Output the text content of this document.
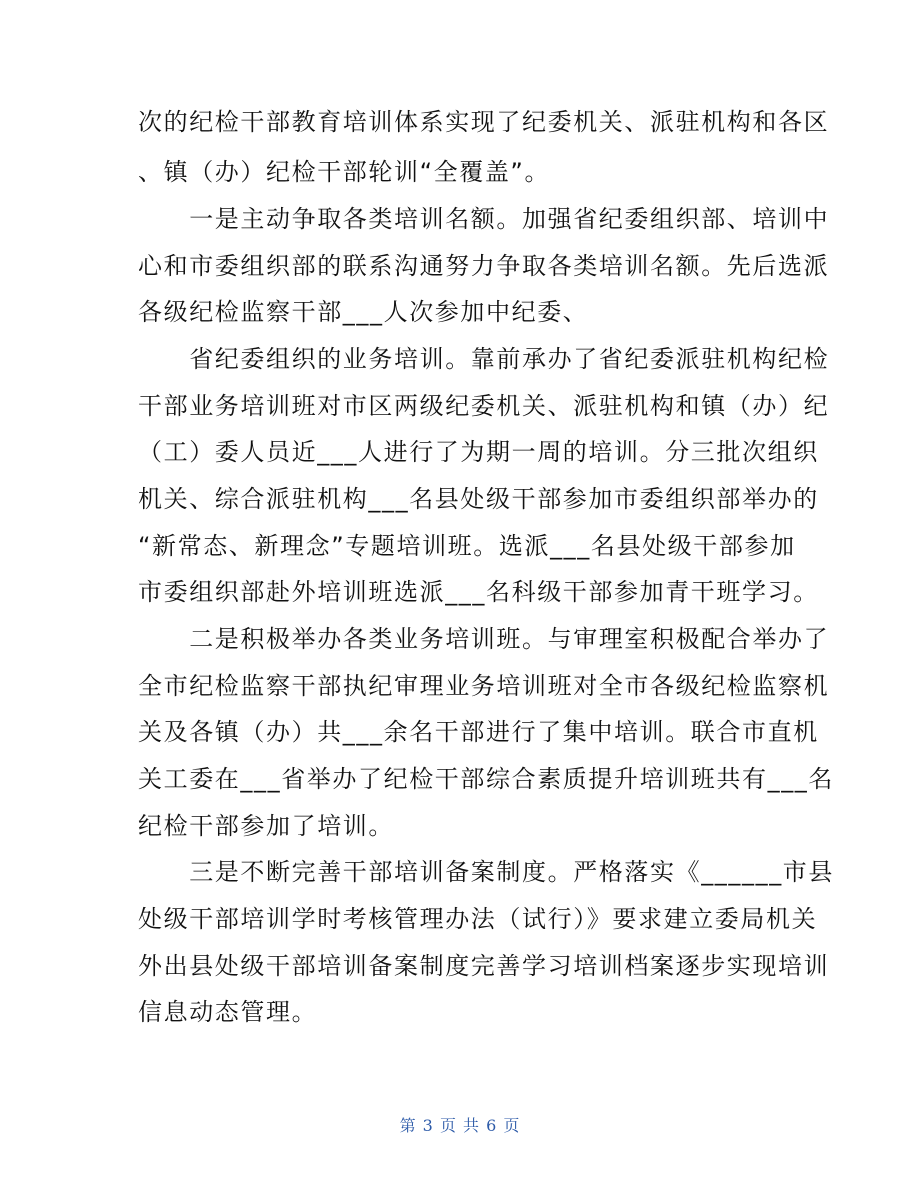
次的纪检干部教育培训体系实现了纪委机关、派驻机构和各区
、镇（办）纪检干部轮训“全覆盖”。
　　一是主动争取各类培训名额。加强省纪委组织部、培训中
心和市委组织部的联系沟通努力争取各类培训名额。先后选派
各级纪检监察干部___人次参加中纪委、
　　省纪委组织的业务培训。靠前承办了省纪委派驻机构纪检
干部业务培训班对市区两级纪委机关、派驻机构和镇（办）纪
（工）委人员近___人进行了为期一周的培训。分三批次组织
机关、综合派驻机构___名县处级干部参加市委组织部举办的
“新常态、新理念”专题培训班。选派___名县处级干部参加
市委组织部赴外培训班选派___名科级干部参加青干班学习。
　　二是积极举办各类业务培训班。与审理室积极配合举办了
全市纪检监察干部执纪审理业务培训班对全市各级纪检监察机
关及各镇（办）共___余名干部进行了集中培训。联合市直机
关工委在___省举办了纪检干部综合素质提升培训班共有___名
纪检干部参加了培训。
　　三是不断完善干部培训备案制度。严格落实《______市县
处级干部培训学时考核管理办法（试行）》要求建立委局机关
外出县处级干部培训备案制度完善学习培训档案逐步实现培训
信息动态管理。
第 3 页 共 6 页
